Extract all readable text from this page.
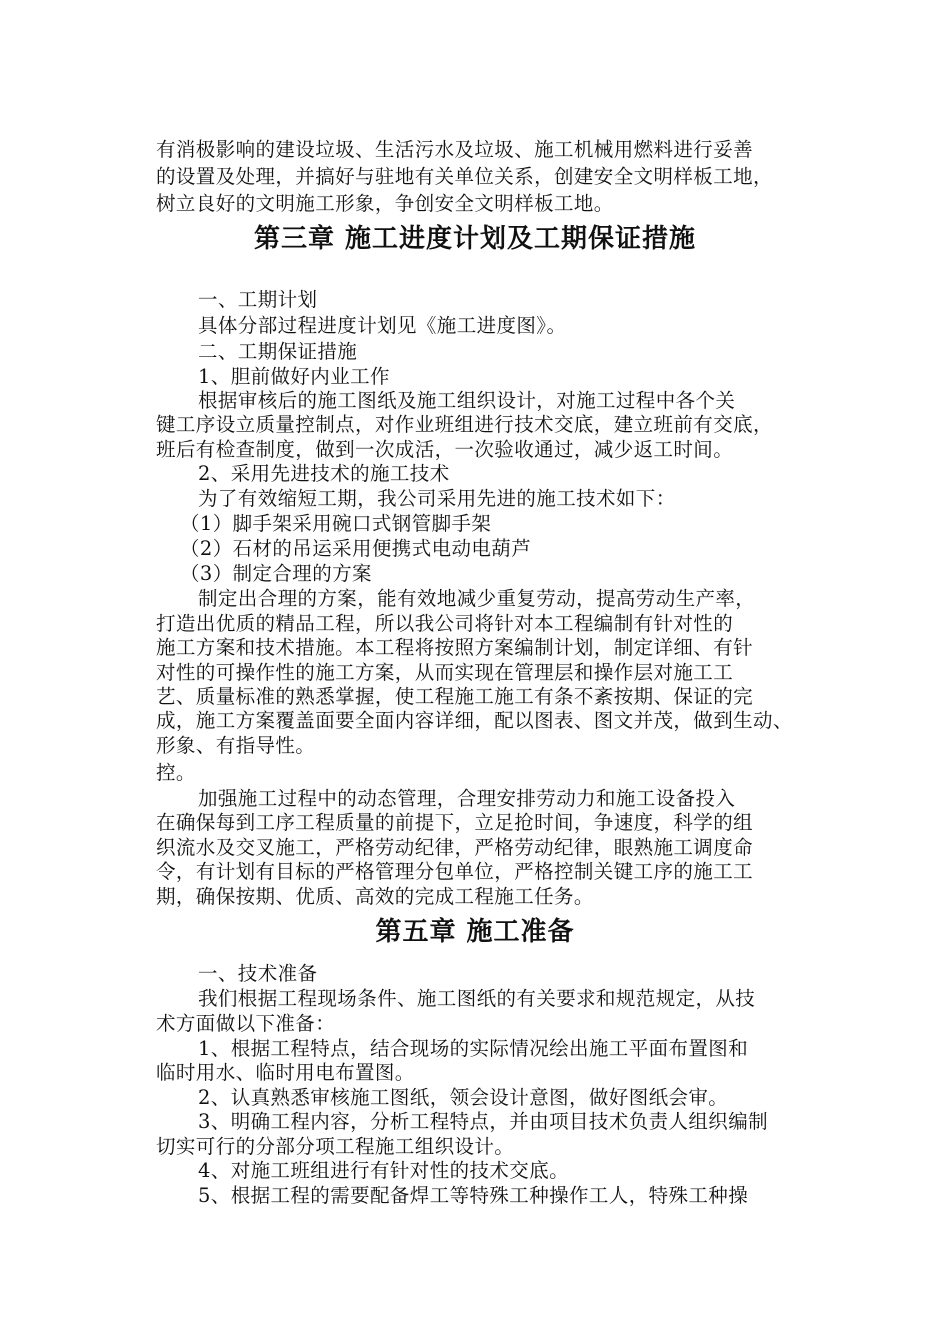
有消极影响的建设垃圾、生活污水及垃圾、施工机械用燃料进行妥善
的设置及处理，并搞好与驻地有关单位关系，创建安全文明样板工地，
树立良好的文明施工形象，争创安全文明样板工地。
第三章 施工进度计划及工期保证措施
一、工期计划
具体分部过程进度计划见《施工进度图》。
二、工期保证措施
1、胆前做好内业工作
根据审核后的施工图纸及施工组织设计，对施工过程中各个关
键工序设立质量控制点，对作业班组进行技术交底，建立班前有交底，
班后有检查制度，做到一次成活，一次验收通过，减少返工时间。
2、采用先进技术的施工技术
为了有效缩短工期，我公司采用先进的施工技术如下：
（1）脚手架采用碗口式钢管脚手架
（2）石材的吊运采用便携式电动电葫芦
（3）制定合理的方案
制定出合理的方案，能有效地减少重复劳动，提高劳动生产率，
打造出优质的精品工程，所以我公司将针对本工程编制有针对性的
施工方案和技术措施。本工程将按照方案编制计划，制定详细、有针
对性的可操作性的施工方案，从而实现在管理层和操作层对施工工
艺、质量标准的熟悉掌握，使工程施工施工有条不紊按期、保证的完
成，施工方案覆盖面要全面内容详细，配以图表、图文并茂，做到生动、
形象、有指导性。
控。
加强施工过程中的动态管理，合理安排劳动力和施工设备投入
在确保每到工序工程质量的前提下，立足抢时间，争速度，科学的组
织流水及交叉施工，严格劳动纪律，严格劳动纪律，眼熟施工调度命
令，有计划有目标的严格管理分包单位，严格控制关键工序的施工工
期，确保按期、优质、高效的完成工程施工任务。
第五章 施工准备
一、技术准备
我们根据工程现场条件、施工图纸的有关要求和规范规定，从技
术方面做以下准备：
1、根据工程特点，结合现场的实际情况绘出施工平面布置图和
临时用水、临时用电布置图。
2、认真熟悉审核施工图纸，领会设计意图，做好图纸会审。
3、明确工程内容，分析工程特点，并由项目技术负责人组织编制
切实可行的分部分项工程施工组织设计。
4、对施工班组进行有针对性的技术交底。
5、根据工程的需要配备焊工等特殊工种操作工人，特殊工种操
